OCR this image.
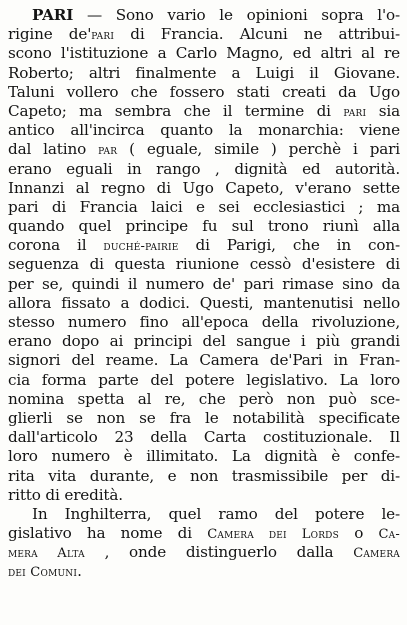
PARI — Sono vario le opinioni sopra l'o-
rigine de'pari di Francia. Alcuni ne attribui-
scono l'istituzione a Carlo Magno, ed altri al re
Roberto; altri finalmente a Luigi il Giovane.
Taluni vollero che fossero stati creati da Ugo
Capeto; ma sembra che il termine di pari sia
antico all'incirca quanto la monarchia: viene
dal latino par ( eguale, simile ) perchè i pari
erano eguali in rango , dignità ed autorità.
Innanzi al regno di Ugo Capeto, v'erano sette
pari di Francia laici e sei ecclesiastici ; ma
quando quel principe fu sul trono riunì alla
corona il duché-pairie di Parigi, che in con-
seguenza di questa riunione cessò d'esistere di
per se, quindi il numero de' pari rimase sino da
allora fissato a dodici. Questi, mantenutisi nello
stesso numero fino all'epoca della rivoluzione,
erano dopo ai principi del sangue i più grandi
signori del reame. La Camera de'Pari in Fran-
cia forma parte del potere legislativo. La loro
nomina spetta al re, che però non può sce-
glierli se non se fra le notabilità specificate
dall'articolo 23 della Carta costituzionale. Il
loro numero è illimitato. La dignità è confe-
rita vita durante, e non trasmissibile per di-
ritto di eredità.
In Inghilterra, quel ramo del potere le-
gislativo ha nome di Camera dei Lords o Ca-
mera Alta , onde distinguerlo dalla Camera
dei Comuni.
